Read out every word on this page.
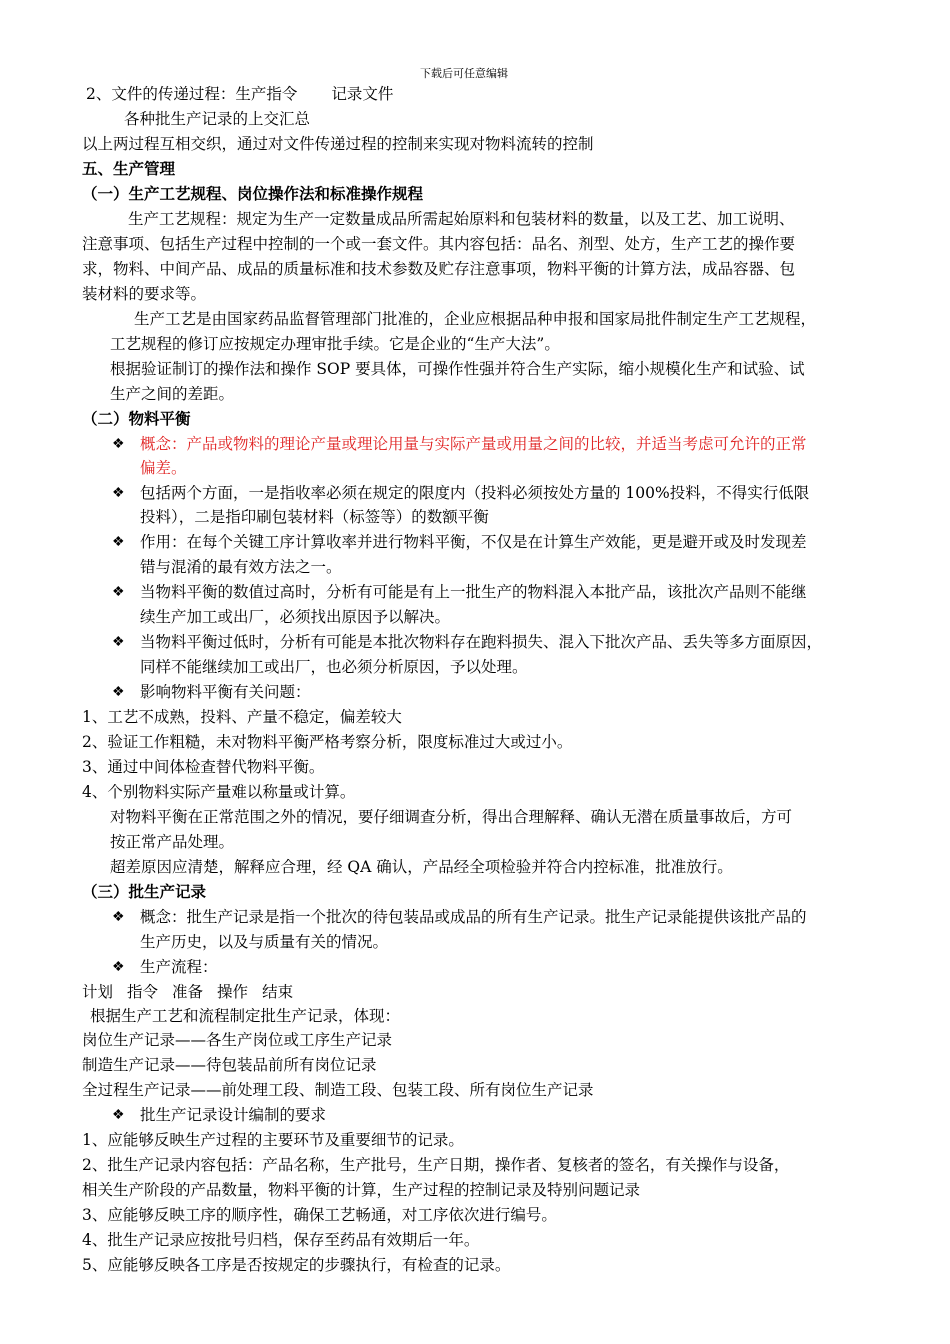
下载后可任意编辑
2、文件的传递过程：生产指令 记录文件
各种批生产记录的上交汇总
以上两过程互相交织，通过对文件传递过程的控制来实现对物料流转的控制
五、生产管理
（一）生产工艺规程、岗位操作法和标准操作规程
生产工艺规程：规定为生产一定数量成品所需起始原料和包装材料的数量，以及工艺、加工说明、
注意事项、包括生产过程中控制的一个或一套文件。其内容包括：品名、剂型、处方，生产工艺的操作要
求，物料、中间产品、成品的质量标准和技术参数及贮存注意事项，物料平衡的计算方法，成品容器、包
装材料的要求等。
生产工艺是由国家药品监督管理部门批准的，企业应根据品种申报和国家局批件制定生产工艺规程，
工艺规程的修订应按规定办理审批手续。它是企业的“生产大法”。
根据验证制订的操作法和操作 SOP 要具体，可操作性强并符合生产实际，缩小规模化生产和试验、试
生产之间的差距。
（二）物料平衡
❖ 概念：产品或物料的理论产量或理论用量与实际产量或用量之间的比较，并适当考虑可允许的正常
偏差。
❖ 包括两个方面，一是指收率必须在规定的限度内（投料必须按处方量的 100%投料，不得实行低限
投料），二是指印刷包装材料（标签等）的数额平衡
❖ 作用：在每个关键工序计算收率并进行物料平衡，不仅是在计算生产效能，更是避开或及时发现差
错与混淆的最有效方法之一。
❖ 当物料平衡的数值过高时，分析有可能是有上一批生产的物料混入本批产品，该批次产品则不能继
续生产加工或出厂，必须找出原因予以解决。
❖ 当物料平衡过低时，分析有可能是本批次物料存在跑料损失、混入下批次产品、丢失等多方面原因，
同样不能继续加工或出厂，也必须分析原因，予以处理。
❖ 影响物料平衡有关问题：
1、工艺不成熟，投料、产量不稳定，偏差较大
2、验证工作粗糙，未对物料平衡严格考察分析，限度标准过大或过小。
3、通过中间体检查替代物料平衡。
4、个别物料实际产量难以称量或计算。
对物料平衡在正常范围之外的情况，要仔细调查分析，得出合理解释、确认无潜在质量事故后，方可
按正常产品处理。
超差原因应清楚，解释应合理，经 QA 确认，产品经全项检验并符合内控标准，批准放行。
（三）批生产记录
❖ 概念：批生产记录是指一个批次的待包装品或成品的所有生产记录。批生产记录能提供该批产品的
生产历史，以及与质量有关的情况。
❖ 生产流程：
计划 指令 准备 操作 结束
根据生产工艺和流程制定批生产记录，体现：
岗位生产记录——各生产岗位或工序生产记录
制造生产记录——待包装品前所有岗位记录
全过程生产记录——前处理工段、制造工段、包装工段、所有岗位生产记录
❖ 批生产记录设计编制的要求
1、应能够反映生产过程的主要环节及重要细节的记录。
2、批生产记录内容包括：产品名称，生产批号，生产日期，操作者、复核者的签名，有关操作与设备，
相关生产阶段的产品数量，物料平衡的计算，生产过程的控制记录及特别问题记录
3、应能够反映工序的顺序性，确保工艺畅通，对工序依次进行编号。
4、批生产记录应按批号归档，保存至药品有效期后一年。
5、应能够反映各工序是否按规定的步骤执行，有检查的记录。
